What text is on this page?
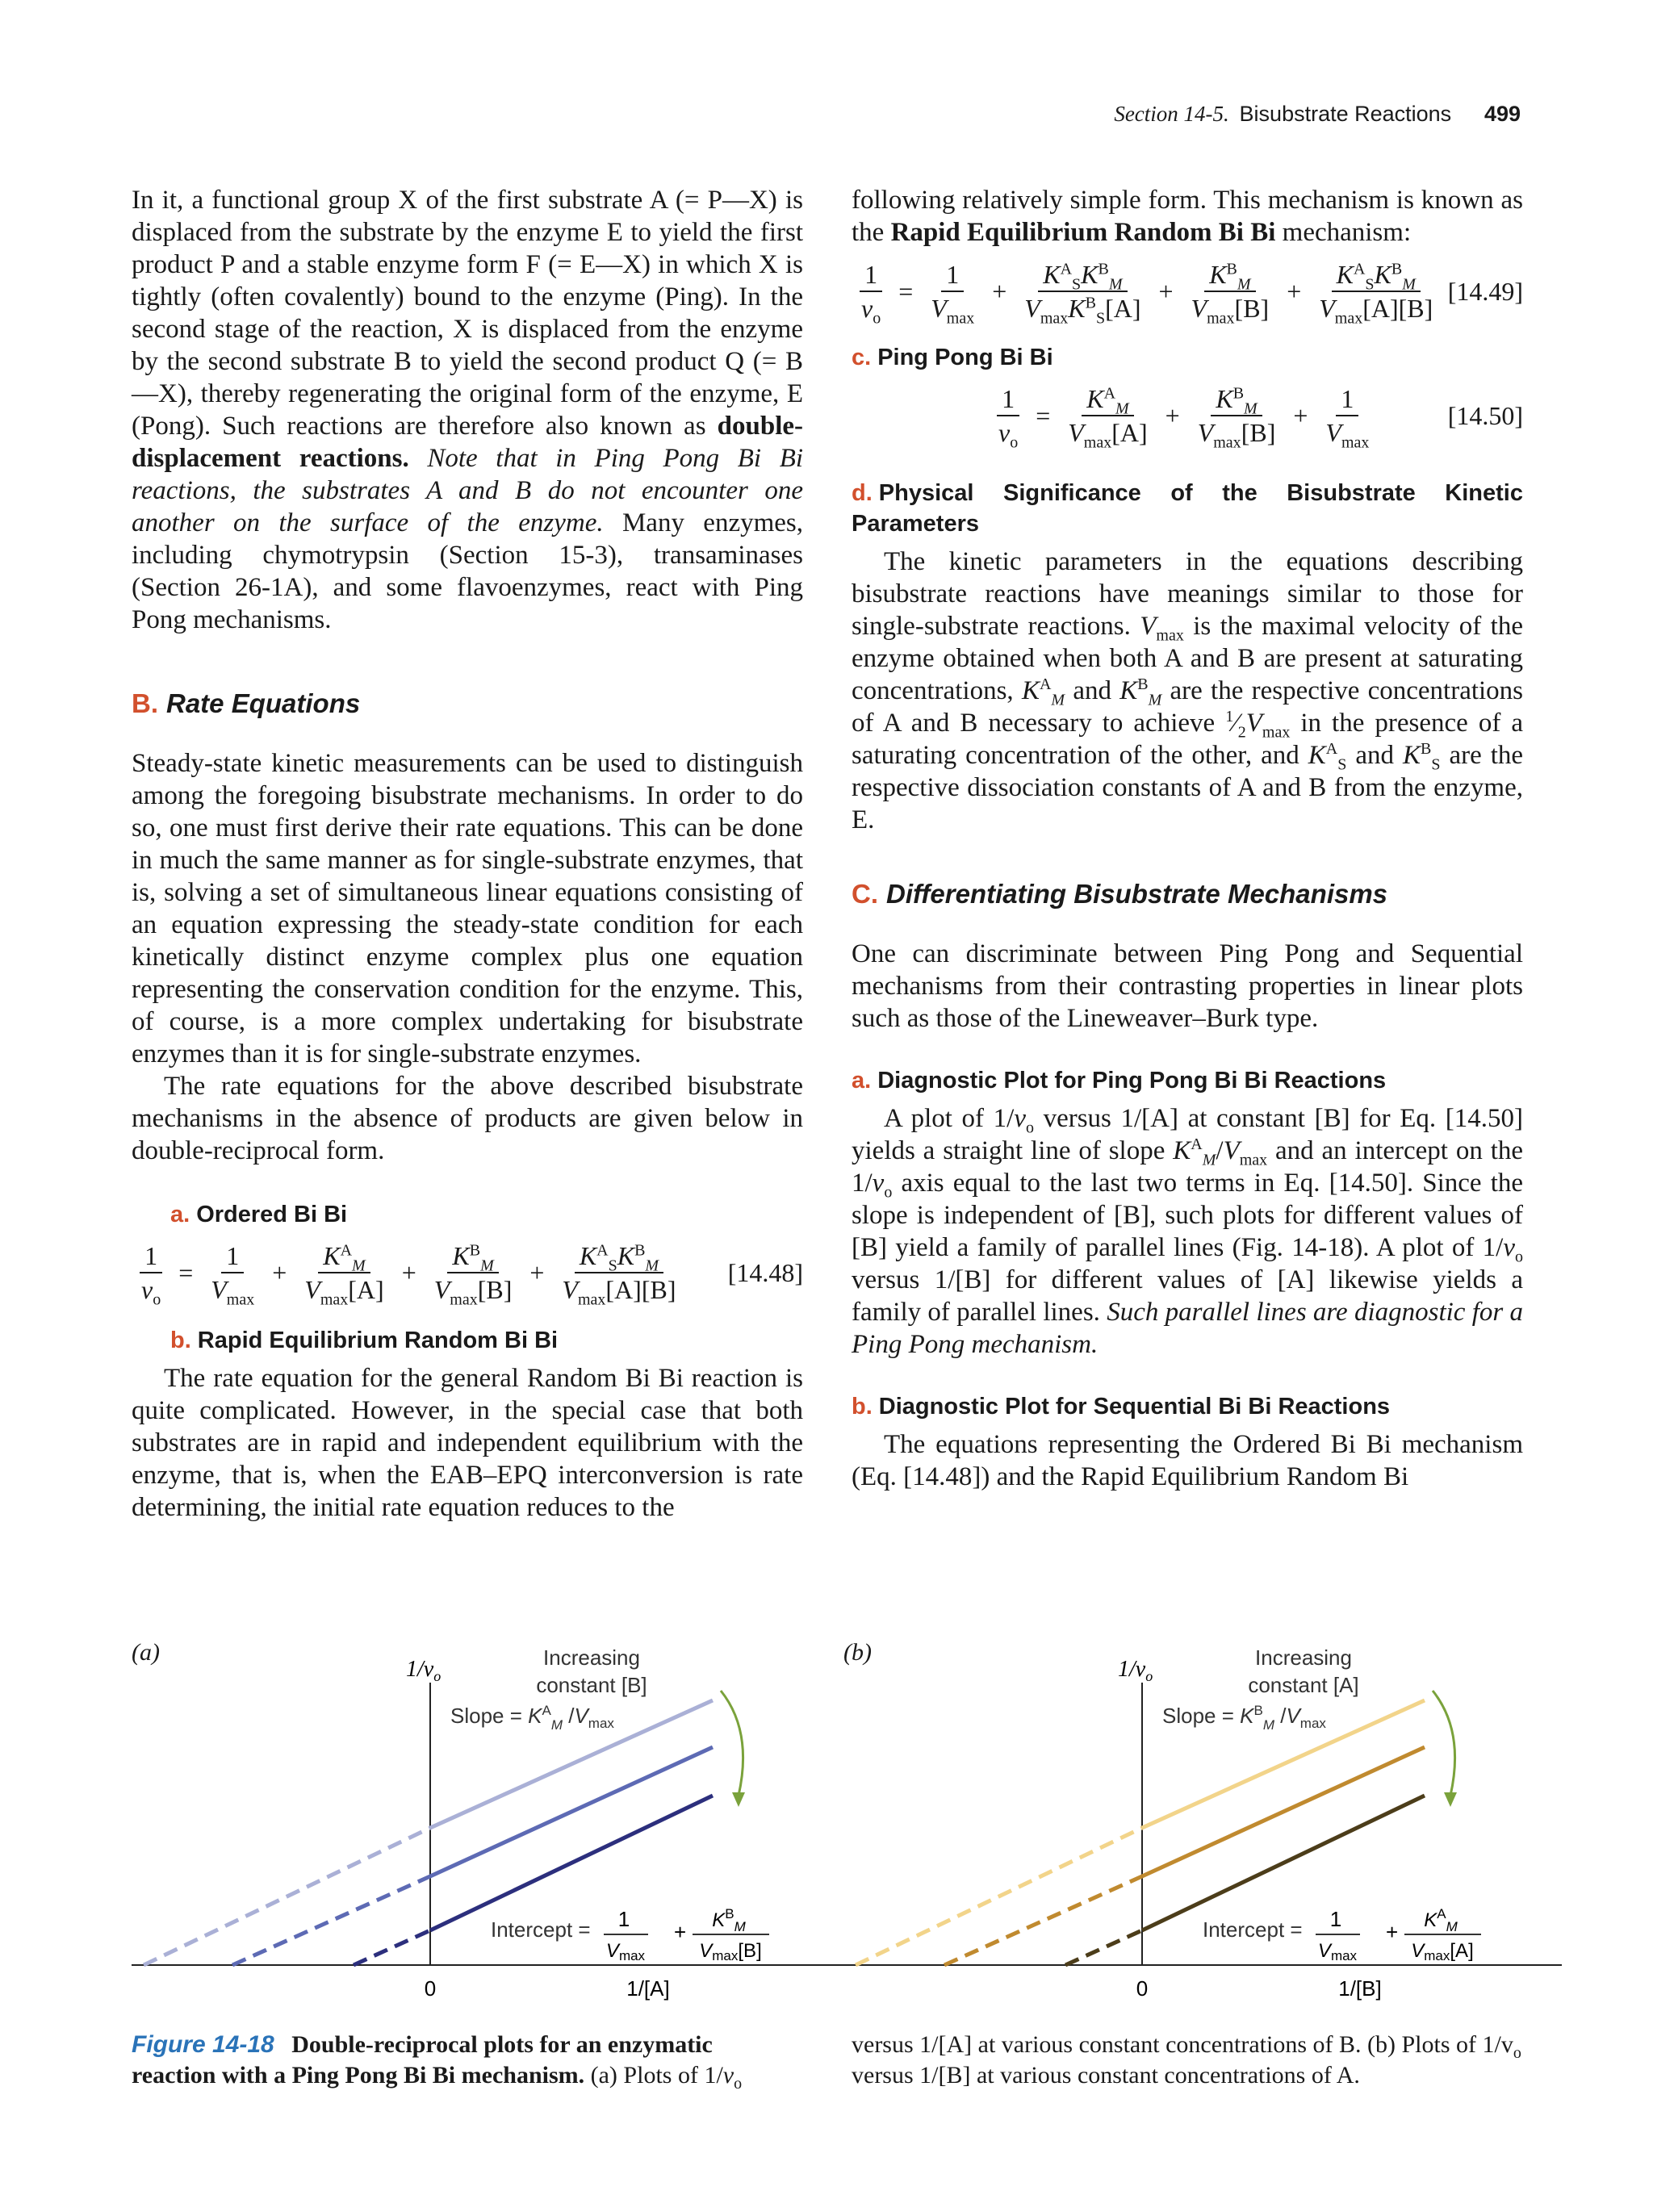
Section 14-5. Bisubstrate Reactions 499

In it, a functional group X of the first substrate A (= P—X) is displaced from the substrate by the enzyme E to yield the first product P and a stable enzyme form F (= E—X) in which X is tightly (often covalently) bound to the enzyme (Ping). In the second stage of the reaction, X is displaced from the enzyme by the second substrate B to yield the second product Q (= B—X), thereby regenerating the original form of the enzyme, E (Pong). Such reactions are therefore also known as double-displacement reactions. Note that in Ping Pong Bi Bi reactions, the substrates A and B do not encounter one another on the surface of the enzyme. Many enzymes, including chymotrypsin (Section 15-3), transaminases (Section 26-1A), and some flavoenzymes, react with Ping Pong mechanisms.

B. Rate Equations

Steady-state kinetic measurements can be used to distinguish among the foregoing bisubstrate mechanisms. In order to do so, one must first derive their rate equations. This can be done in much the same manner as for single-substrate enzymes, that is, solving a set of simultaneous linear equations consisting of an equation expressing the steady-state condition for each kinetically distinct enzyme complex plus one equation representing the conservation condition for the enzyme. This, of course, is a more complex undertaking for bisubstrate enzymes than it is for single-substrate enzymes.

The rate equations for the above described bisubstrate mechanisms in the absence of products are given below in double-reciprocal form.

a. Ordered Bi Bi
$\frac{1}{v_o} = \frac{1}{V_{max}} + \frac{K^A_M}{V_{max}[A]} + \frac{K^B_M}{V_{max}[B]} + \frac{K^A_SK^B_M}{V_{max}[A][B]} [14.48]$
b. Rapid Equilibrium Random Bi Bi

The rate equation for the general Random Bi Bi reaction is quite complicated. However, in the special case that both substrates are in rapid and independent equilibrium with the enzyme, that is, when the EAB–EPQ interconversion is rate determining, the initial rate equation reduces to the

following relatively simple form. This mechanism is known as the Rapid Equilibrium Random Bi Bi mechanism:

$\frac{1}{v_o} = \frac{1}{V_{max}} + \frac{K^A_SK^B_M}{V_{max}K^B_S[A]} + \frac{K^B_M}{V_{max}[B]} + \frac{K^A_SK^B_M}{V_{max}[A][B]} [14.49]$
c. Ping Pong Bi Bi
$\frac{1}{v_o} = \frac{K^A_M}{V_{max}[A]} + \frac{K^B_M}{V_{max}[B]} + \frac{1}{V_{max}}$	[14.50]
d. Physical Significance of the Bisubstrate Kinetic Parameters

The kinetic parameters in the equations describing bisubstrate reactions have meanings similar to those for single-substrate reactions. $V_{max}$ is the maximal velocity of the enzyme obtained when both A and B are present at saturating concentrations, $K^A_M$ and $K^B_M$ are the respective concentrations of A and B necessary to achieve $^1⁄_2V_{max}$ in the presence of a saturating concentration of the other, and $K^A_S$ and $K^B_S$ are the respective dissociation constants of A and B from the enzyme, E.

C. Differentiating Bisubstrate Mechanisms

One can discriminate between Ping Pong and Sequential mechanisms from their contrasting properties in linear plots such as those of the Lineweaver–Burk type.

a. Diagnostic Plot for Ping Pong Bi Bi Reactions

A plot of $1/v_o$ versus 1/[A] at constant [B] for Eq. [14.50] yields a straight line of slope $K^A_M/V_{max}$ and an intercept on the $1/v_o$ axis equal to the last two terms in Eq. [14.50]. Since the slope is independent of [B], such plots for different values of [B] yield a family of parallel lines (Fig. 14-18). A plot of $1/v_o$ versus 1/[B] for different values of [A] likewise yields a family of parallel lines. Such parallel lines are diagnostic for a Ping Pong mechanism.

b. Diagnostic Plot for Sequential Bi Bi Reactions

The equations representing the Ordered Bi Bi mechanism (Eq. [14.48]) and the Rapid Equilibrium Random Bi

(a)
$1/v_o$
Increasing
constant [B]
Slope = $K^A_M$ $/V_{max}$
Intercept = 1
Vmax
+ $K^B_M$
Vmax[B]
0	1/[A]
(b)
$1/v_o$
Increasing
constant [A]
Slope = $K^B_M$ $/V_{max}$
Intercept = 1
Vmax
+ $K^A_M$
Vmax[A]
0	1/[B]
Figure 14-18 Double-reciprocal plots for an enzymatic reaction with a Ping Pong Bi Bi mechanism. (a) Plots of $1/v_o$
versus 1/[A] at various constant concentrations of B. (b) Plots of $1/v_o$ versus 1/[B] at various constant concentrations of A.
